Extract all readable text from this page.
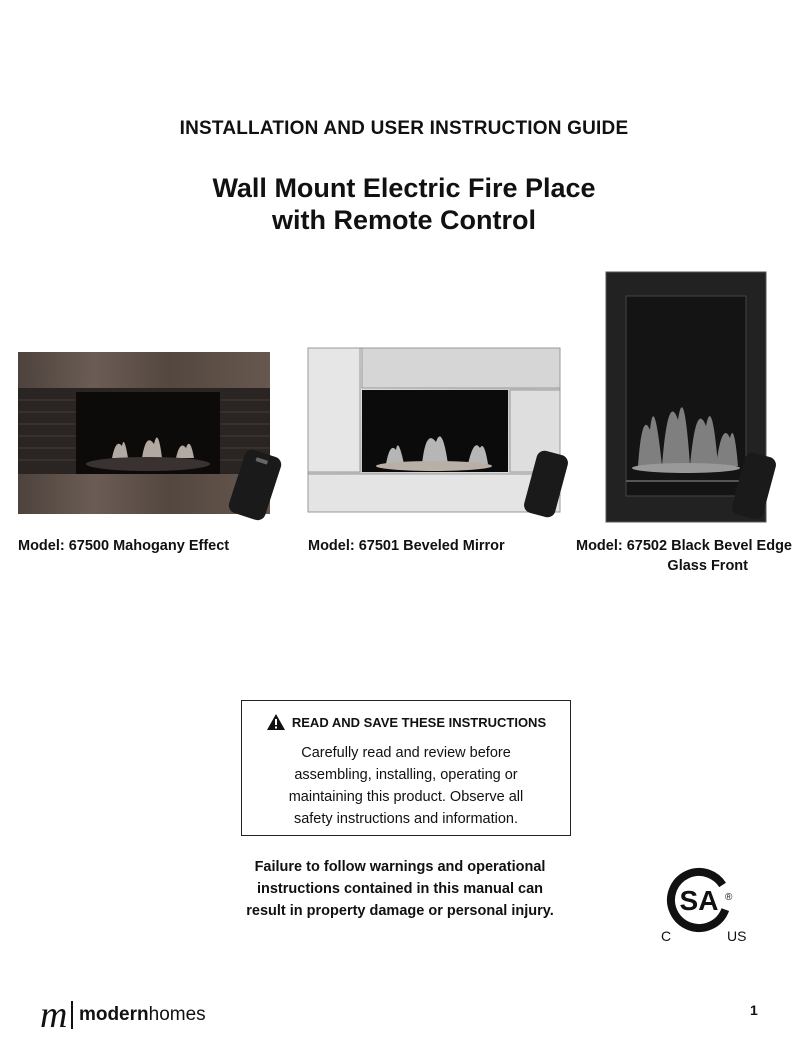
INSTALLATION AND USER INSTRUCTION GUIDE
Wall Mount Electric Fire Place
with Remote Control
Model: 67500 Mahogany Effect	Model: 67501 Beveled Mirror	Model: 67502 Black Bevel Edge
Glass Front
READ AND SAVE THESE INSTRUCTIONS
Carefully read and review before
assembling, installing, operating or
maintaining this product. Observe all
safety instructions and information.
Failure to follow warnings and operational
instructions contained in this manual can
result in property damage or personal injury.	SA
C	US
®
m modern homes	1
